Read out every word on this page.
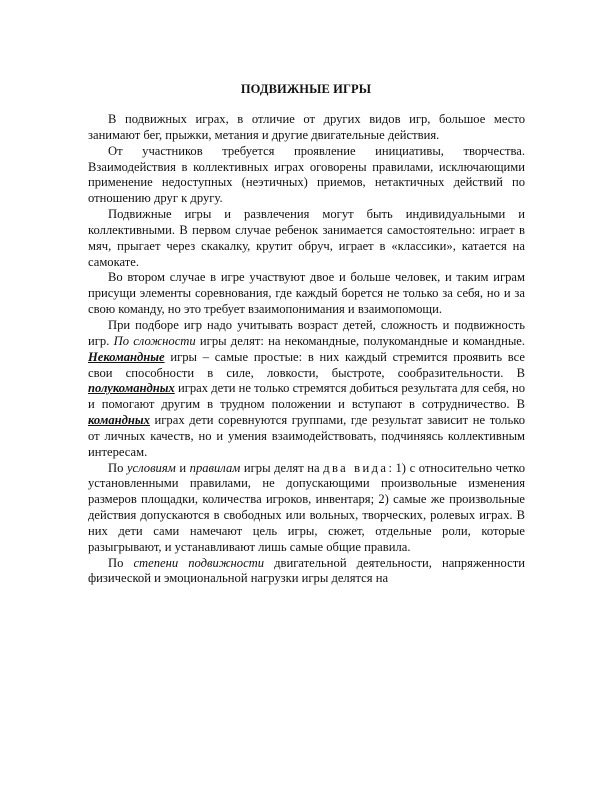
ПОДВИЖНЫЕ ИГРЫ

В подвижных играх, в отличие от других видов игр, большое место занимают бег, прыжки, метания и другие двигательные действия.

От участников требуется проявление инициативы, творчества. Взаимодействия в коллективных играх оговорены правилами, исключающими применение недоступных (неэтичных) приемов, нетактичных действий по отношению друг к другу.

Подвижные игры и развлечения могут быть индивидуальными и коллективными. В первом случае ребенок занимается самостоятельно: играет в мяч, прыгает через скакалку, крутит обруч, играет в «классики», катается на самокате.

Во втором случае в игре участвуют двое и больше человек, и таким играм присущи элементы соревнования, где каждый борется не только за себя, но и за свою команду, но это требует взаимопонимания и взаимопомощи.

При подборе игр надо учитывать возраст детей, сложность и подвижность игр. По сложности игры делят: на некомандные, полукомандные и командные. Некомандные игры – самые простые: в них каждый стремится проявить все свои способности в силе, ловкости, быстроте, сообразительности. В полукомандных играх дети не только стремятся добиться результата для себя, но и помогают другим в трудном положении и вступают в сотрудничество. В командных играх дети соревнуются группами, где результат зависит не только от личных качеств, но и умения взаимодействовать, подчиняясь коллективным интересам.

По условиям и правилам игры делят на два вида: 1) с относительно четко установленными правилами, не допускающими произвольные изменения размеров площадки, количества игроков, инвентаря; 2) самые же произвольные действия допускаются в свободных или вольных, творческих, ролевых играх. В них дети сами намечают цель игры, сюжет, отдельные роли, которые разыгрывают, и устанавливают лишь самые общие правила.

По степени подвижности двигательной деятельности, напряженности физической и эмоциональной нагрузки игры делятся на
